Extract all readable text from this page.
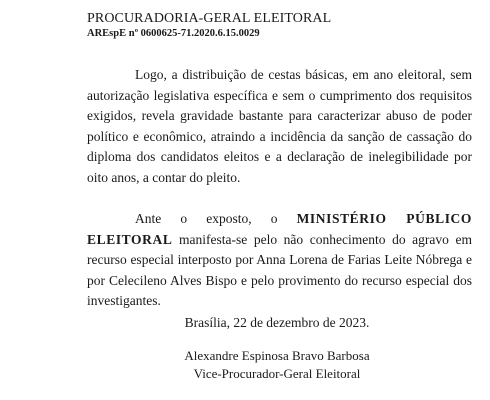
PROCURADORIA-GERAL ELEITORAL
AREspE nº 0600625-71.2020.6.15.0029

Logo, a distribuição de cestas básicas, em ano eleitoral, sem autorização legislativa específica e sem o cumprimento dos requisitos exigidos, revela gravidade bastante para caracterizar abuso de poder político e econômico, atraindo a incidência da sanção de cassação do diploma dos candidatos eleitos e a declaração de inelegibilidade por oito anos, a contar do pleito.

Ante o exposto, o MINISTÉRIO PÚBLICO ELEITORAL manifesta-se pelo não conhecimento do agravo em recurso especial interposto por Anna Lorena de Farias Leite Nóbrega e por Celecileno Alves Bispo e pelo provimento do recurso especial dos investigantes.

Brasília, 22 de dezembro de 2023.
Alexandre Espinosa Bravo Barbosa
Vice-Procurador-Geral Eleitoral
